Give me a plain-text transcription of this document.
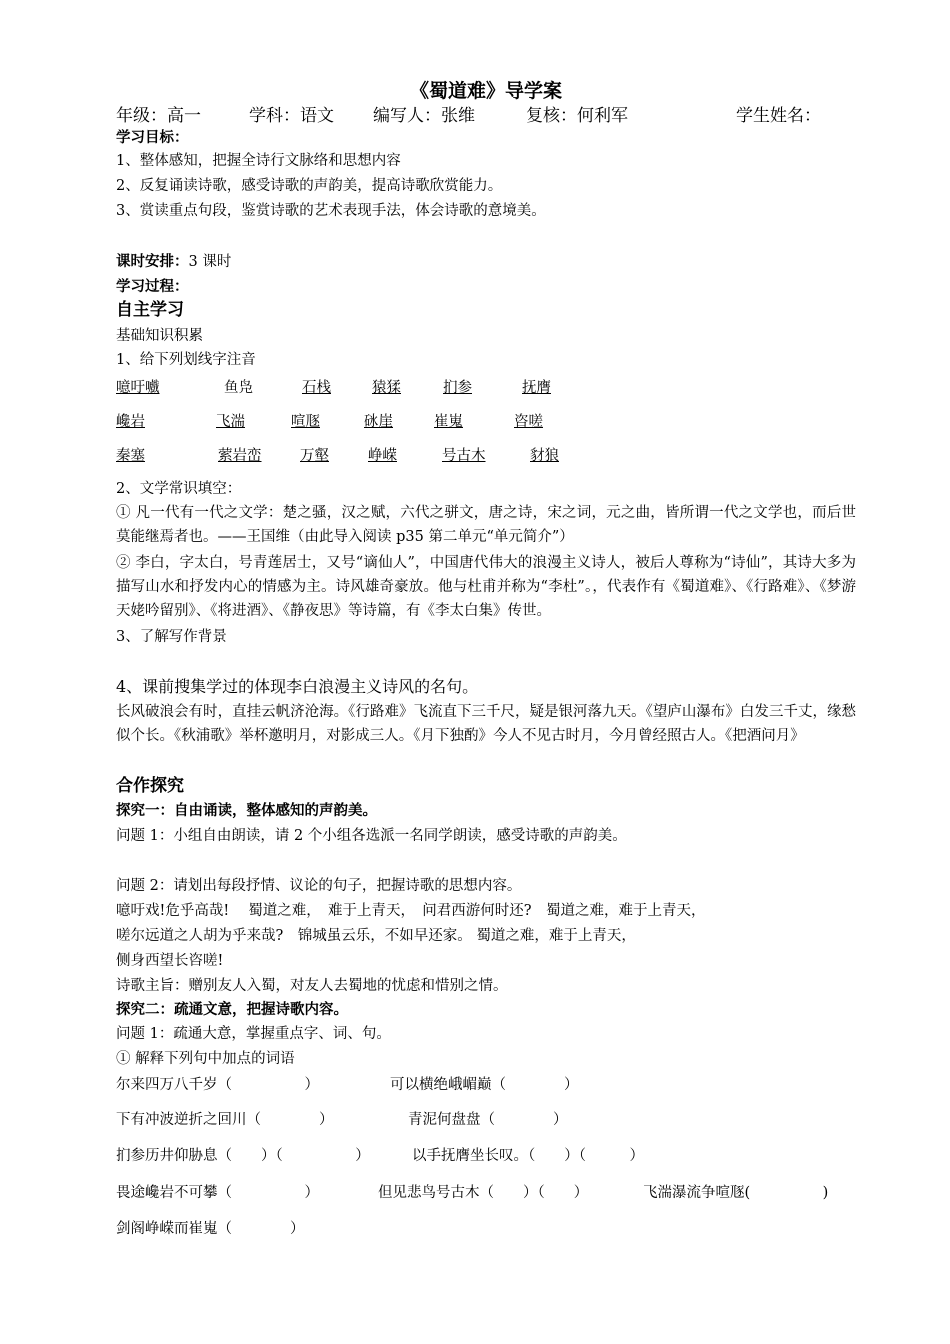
《蜀道难》导学案
年级：高一	学科：语文 编写人：张维	复核：何利军	学生姓名：
学习目标：
1、整体感知，把握全诗行文脉络和思想内容
2、反复诵读诗歌，感受诗歌的声韵美，提高诗歌欣赏能力。
3、赏读重点句段，鉴赏诗歌的艺术表现手法，体会诗歌的意境美。
课时安排：3 课时
学习过程：
自主学习
基础知识积累
1、给下列划线字注音
噫吁嚱	鱼凫	石栈	猿猱	扪参	抚膺
巉岩	飞湍	喧豗	砯崖	崔嵬	咨嗟
秦塞	萦岩峦	万壑	峥嵘	号古木	豺狼
2、文学常识填空：
① 凡一代有一代之文学：楚之骚，汉之赋，六代之骈文，唐之诗，宋之词，元之曲，皆所谓一代之文学也，而后世莫能继焉者也。——王国维（由此导入阅读 p35 第二单元“单元简介”）
② 李白，字太白，号青莲居士，又号“谪仙人”，中国唐代伟大的浪漫主义诗人，被后人尊称为“诗仙”，其诗大多为描写山水和抒发内心的情感为主。诗风雄奇豪放。他与杜甫并称为“李杜”。，代表作有《蜀道难》、《行路难》、《梦游天姥吟留别》、《将进酒》、《静夜思》等诗篇，有《李太白集》传世。
3、了解写作背景
4、课前搜集学过的体现李白浪漫主义诗风的名句。
长风破浪会有时，直挂云帆济沧海。《行路难》飞流直下三千尺，疑是银河落九天。《望庐山瀑布》白发三千丈，缘愁似个长。《秋浦歌》举杯邀明月，对影成三人。《月下独酌》今人不见古时月，今月曾经照古人。《把酒问月》
合作探究
探究一：自由诵读，整体感知的声韵美。
问题 1：小组自由朗读，请 2 个小组各选派一名同学朗读，感受诗歌的声韵美。
问题 2：请划出每段抒情、议论的句子，把握诗歌的思想内容。
噫吁戏!危乎高哉!　 蜀道之难，　难于上青天，　问君西游何时还?　蜀道之难，难于上青天，
嗟尔远道之人胡为乎来哉?　锦城虽云乐，不如早还家。 蜀道之难，难于上青天，
侧身西望长咨嗟!
诗歌主旨：赠别友人入蜀，对友人去蜀地的忧虑和惜别之情。
探究二：疏通文意，把握诗歌内容。
问题 1：疏通大意，掌握重点字、词、句。
① 解释下列句中加点的词语
尔来四万八千岁（　　　　　）	可以横绝峨嵋巅（　　　　）
下有冲波逆折之回川（　　　　）	青泥何盘盘（　　　　）
扪参历井仰胁息（　　）（　　　　　）	以手抚膺坐长叹。（　　）（　　　）
畏途巉岩不可攀（　　　　　）	但见悲鸟号古木（　　）（　　）	飞湍瀑流争喧豗(　　　　　)
剑阁峥嵘而崔嵬（　　　　）
